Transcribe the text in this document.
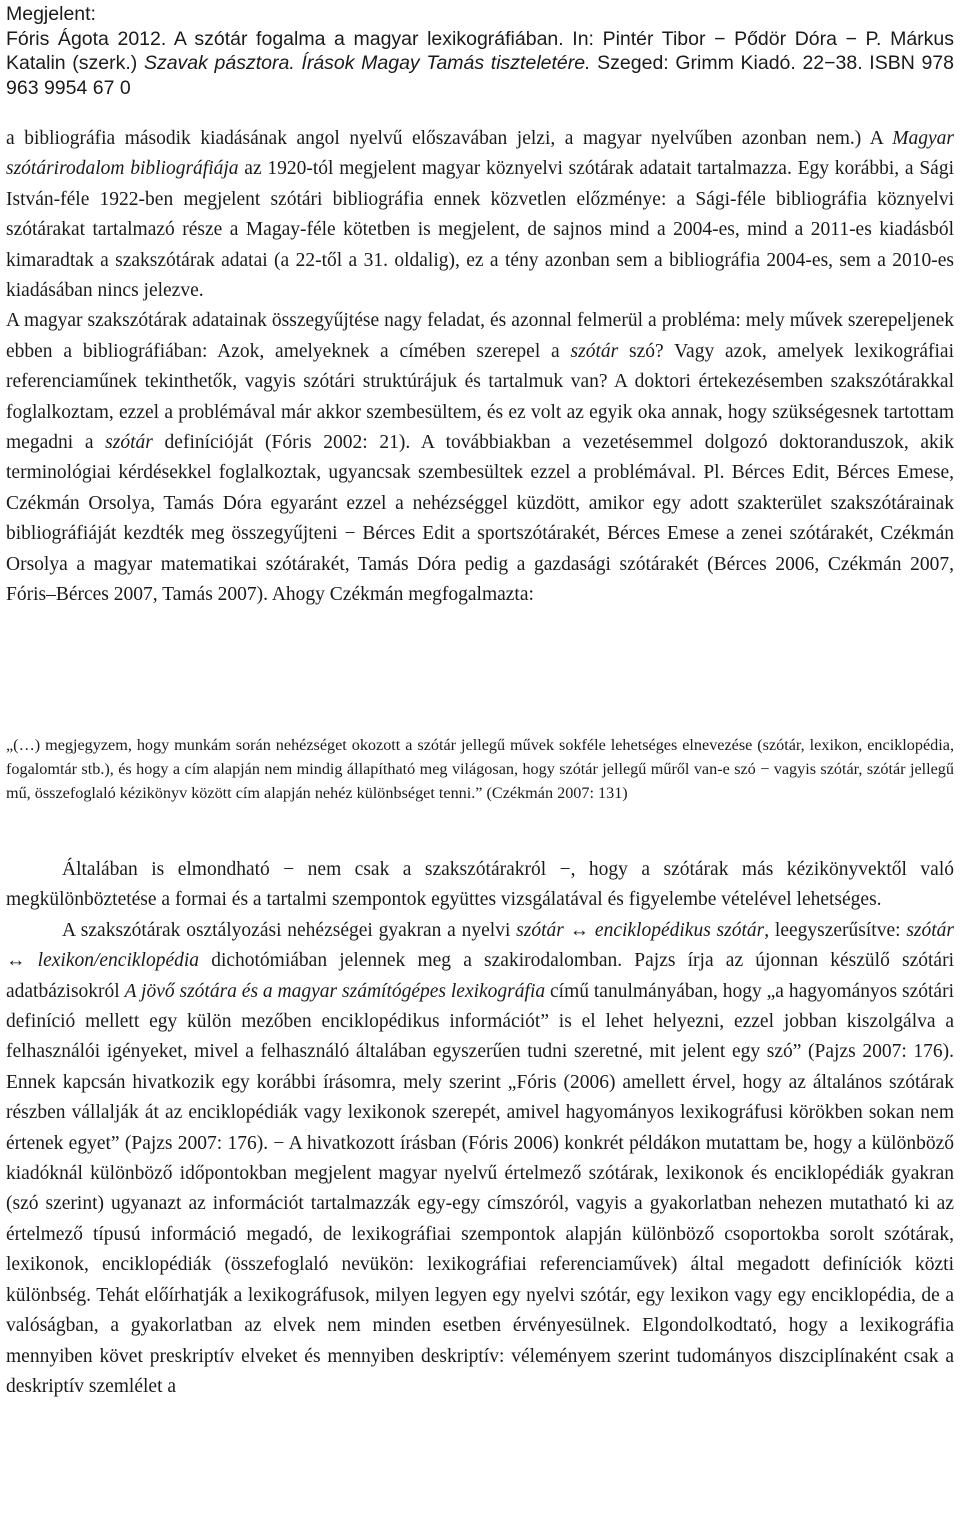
Megjelent:

Fóris Ágota 2012. A szótár fogalma a magyar lexikográfiában. In: Pintér Tibor − Pődör Dóra − P. Márkus Katalin (szerk.) Szavak pásztora. Írások Magay Tamás tiszteletére. Szeged: Grimm Kiadó. 22−38. ISBN 978 963 9954 67 0

a bibliográfia második kiadásának angol nyelvű előszavában jelzi, a magyar nyelvűben azonban nem.) A Magyar szótárirodalom bibliográfiája az 1920-tól megjelent magyar köznyelvi szótárak adatait tartalmazza. Egy korábbi, a Sági István-féle 1922-ben megjelent szótári bibliográfia ennek közvetlen előzménye: a Sági-féle bibliográfia köznyelvi szótárakat tartalmazó része a Magay-féle kötetben is megjelent, de sajnos mind a 2004-es, mind a 2011-es kiadásból kimaradtak a szakszótárak adatai (a 22-től a 31. oldalig), ez a tény azonban sem a bibliográfia 2004-es, sem a 2010-es kiadásában nincs jelezve.

A magyar szakszótárak adatainak összegyűjtése nagy feladat, és azonnal felmerül a probléma: mely művek szerepeljenek ebben a bibliográfiában: Azok, amelyeknek a címében szerepel a szótár szó? Vagy azok, amelyek lexikográfiai referenciaműnek tekinthetők, vagyis szótári struktúrájuk és tartalmuk van? A doktori értekezésemben szakszótárakkal foglalkoztam, ezzel a problémával már akkor szembesültem, és ez volt az egyik oka annak, hogy szükségesnek tartottam megadni a szótár definícióját (Fóris 2002: 21). A továbbiakban a vezetésemmel dolgozó doktoranduszok, akik terminológiai kérdésekkel foglalkoztak, ugyancsak szembesültek ezzel a problémával. Pl. Bérces Edit, Bérces Emese, Czékmán Orsolya, Tamás Dóra egyaránt ezzel a nehézséggel küzdött, amikor egy adott szakterület szakszótárainak bibliográfiáját kezdték meg összegyűjteni − Bérces Edit a sportszótárakét, Bérces Emese a zenei szótárakét, Czékmán Orsolya a magyar matematikai szótárakét, Tamás Dóra pedig a gazdasági szótárakét (Bérces 2006, Czékmán 2007, Fóris–Bérces 2007, Tamás 2007). Ahogy Czékmán megfogalmazta:

„(…) megjegyzem, hogy munkám során nehézséget okozott a szótár jellegű művek sokféle lehetséges elnevezése (szótár, lexikon, enciklopédia, fogalomtár stb.), és hogy a cím alapján nem mindig állapítható meg világosan, hogy szótár jellegű műről van-e szó − vagyis szótár, szótár jellegű mű, összefoglaló kézikönyv között cím alapján nehéz különbséget tenni.” (Czékmán 2007: 131)

Általában is elmondható − nem csak a szakszótárakról −, hogy a szótárak más kézikönyvektől való megkülönböztetése a formai és a tartalmi szempontok együttes vizsgálatával és figyelembe vételével lehetséges.

A szakszótárak osztályozási nehézségei gyakran a nyelvi szótár ↔ enciklopédikus szótár, leegyszerűsítve: szótár ↔ lexikon/enciklopédia dichotómiában jelennek meg a szakirodalomban. Pajzs írja az újonnan készülő szótári adatbázisokról A jövő szótára és a magyar számítógépes lexikográfia című tanulmányában, hogy „a hagyományos szótári definíció mellett egy külön mezőben enciklopédikus információt” is el lehet helyezni, ezzel jobban kiszolgálva a felhasználói igényeket, mivel a felhasználó általában egyszerűen tudni szeretné, mit jelent egy szó” (Pajzs 2007: 176). Ennek kapcsán hivatkozik egy korábbi írásomra, mely szerint „Fóris (2006) amellett érvel, hogy az általános szótárak részben vállalják át az enciklopédiák vagy lexikonok szerepét, amivel hagyományos lexikográfusi körökben sokan nem értenek egyet” (Pajzs 2007: 176). − A hivatkozott írásban (Fóris 2006) konkrét példákon mutattam be, hogy a különböző kiadóknál különböző időpontokban megjelent magyar nyelvű értelmező szótárak, lexikonok és enciklopédiák gyakran (szó szerint) ugyanazt az információt tartalmazzák egy-egy címszóról, vagyis a gyakorlatban nehezen mutatható ki az értelmező típusú információ megadó, de lexikográfiai szempontok alapján különböző csoportokba sorolt szótárak, lexikonok, enciklopédiák (összefoglaló nevükön: lexikográfiai referenciaművek) által megadott definíciók közti különbség. Tehát előírhatják a lexikográfusok, milyen legyen egy nyelvi szótár, egy lexikon vagy egy enciklopédia, de a valóságban, a gyakorlatban az elvek nem minden esetben érvényesülnek. Elgondolkodtató, hogy a lexikográfia mennyiben követ preskriptív elveket és mennyiben deskriptív: véleményem szerint tudományos diszciplínaként csak a deskriptív szemlélet a
